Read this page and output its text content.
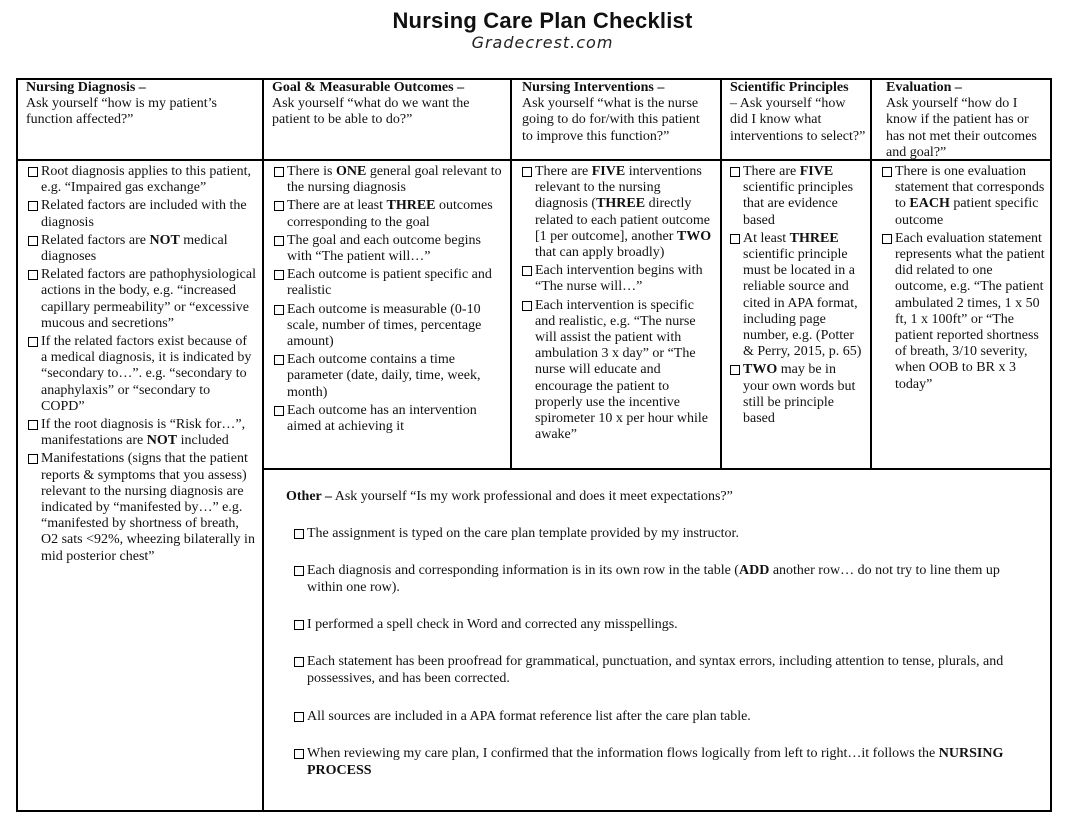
Nursing Care Plan Checklist
Gradecrest.com
Nursing Diagnosis –
Ask yourself “how is my patient’s function affected?”
Goal & Measurable Outcomes –
Ask yourself “what do we want the patient to be able to do?”
Nursing Interventions –
Ask yourself “what is the nurse going to do for/with this patient to improve this function?”
Scientific Principles
– Ask yourself “how did I know what interventions to select?”
Evaluation –
Ask yourself “how do I know if the patient has or has not met their outcomes and goal?”
Root diagnosis applies to this patient, e.g. “Impaired gas exchange”
Related factors are included with the diagnosis
Related factors are NOT medical diagnoses
Related factors are pathophysiological actions in the body, e.g. “increased capillary permeability” or “excessive mucous and secretions”
If the related factors exist because of a medical diagnosis, it is indicated by “secondary to…”. e.g. “secondary to anaphylaxis” or “secondary to COPD”
If the root diagnosis is “Risk for…”, manifestations are NOT included
Manifestations (signs that the patient reports & symptoms that you assess) relevant to the nursing diagnosis are indicated by “manifested by…” e.g. “manifested by shortness of breath, O2 sats <92%, wheezing bilaterally in mid posterior chest”
There is ONE general goal relevant to the nursing diagnosis
There are at least THREE outcomes corresponding to the goal
The goal and each outcome begins with “The patient will…”
Each outcome is patient specific and realistic
Each outcome is measurable (0-10 scale, number of times, percentage amount)
Each outcome contains a time parameter (date, daily, time, week, month)
Each outcome has an intervention aimed at achieving it
There are FIVE interventions relevant to the nursing diagnosis (THREE directly related to each patient outcome [1 per outcome], another TWO that can apply broadly)
Each intervention begins with “The nurse will…”
Each intervention is specific and realistic, e.g. “The nurse will assist the patient with ambulation 3 x day” or “The nurse will educate and encourage the patient to properly use the incentive spirometer 10 x per hour while awake”
There are FIVE scientific principles that are evidence based
At least THREE scientific principle must be located in a reliable source and cited in APA format, including page number, e.g. (Potter & Perry, 2015, p. 65)
TWO may be in your own words but still be principle based
There is one evaluation statement that corresponds to EACH patient specific outcome
Each evaluation statement represents what the patient did related to one outcome, e.g. “The patient ambulated 2 times, 1 x 50 ft, 1 x 100ft” or “The patient reported shortness of breath, 3/10 severity, when OOB to BR x 3 today”
Other – Ask yourself “Is my work professional and does it meet expectations?”
The assignment is typed on the care plan template provided by my instructor.
Each diagnosis and corresponding information is in its own row in the table (ADD another row… do not try to line them up within one row).
I performed a spell check in Word and corrected any misspellings.
Each statement has been proofread for grammatical, punctuation, and syntax errors, including attention to tense, plurals, and possessives, and has been corrected.
All sources are included in a APA format reference list after the care plan table.
When reviewing my care plan, I confirmed that the information flows logically from left to right…it follows the NURSING PROCESS
